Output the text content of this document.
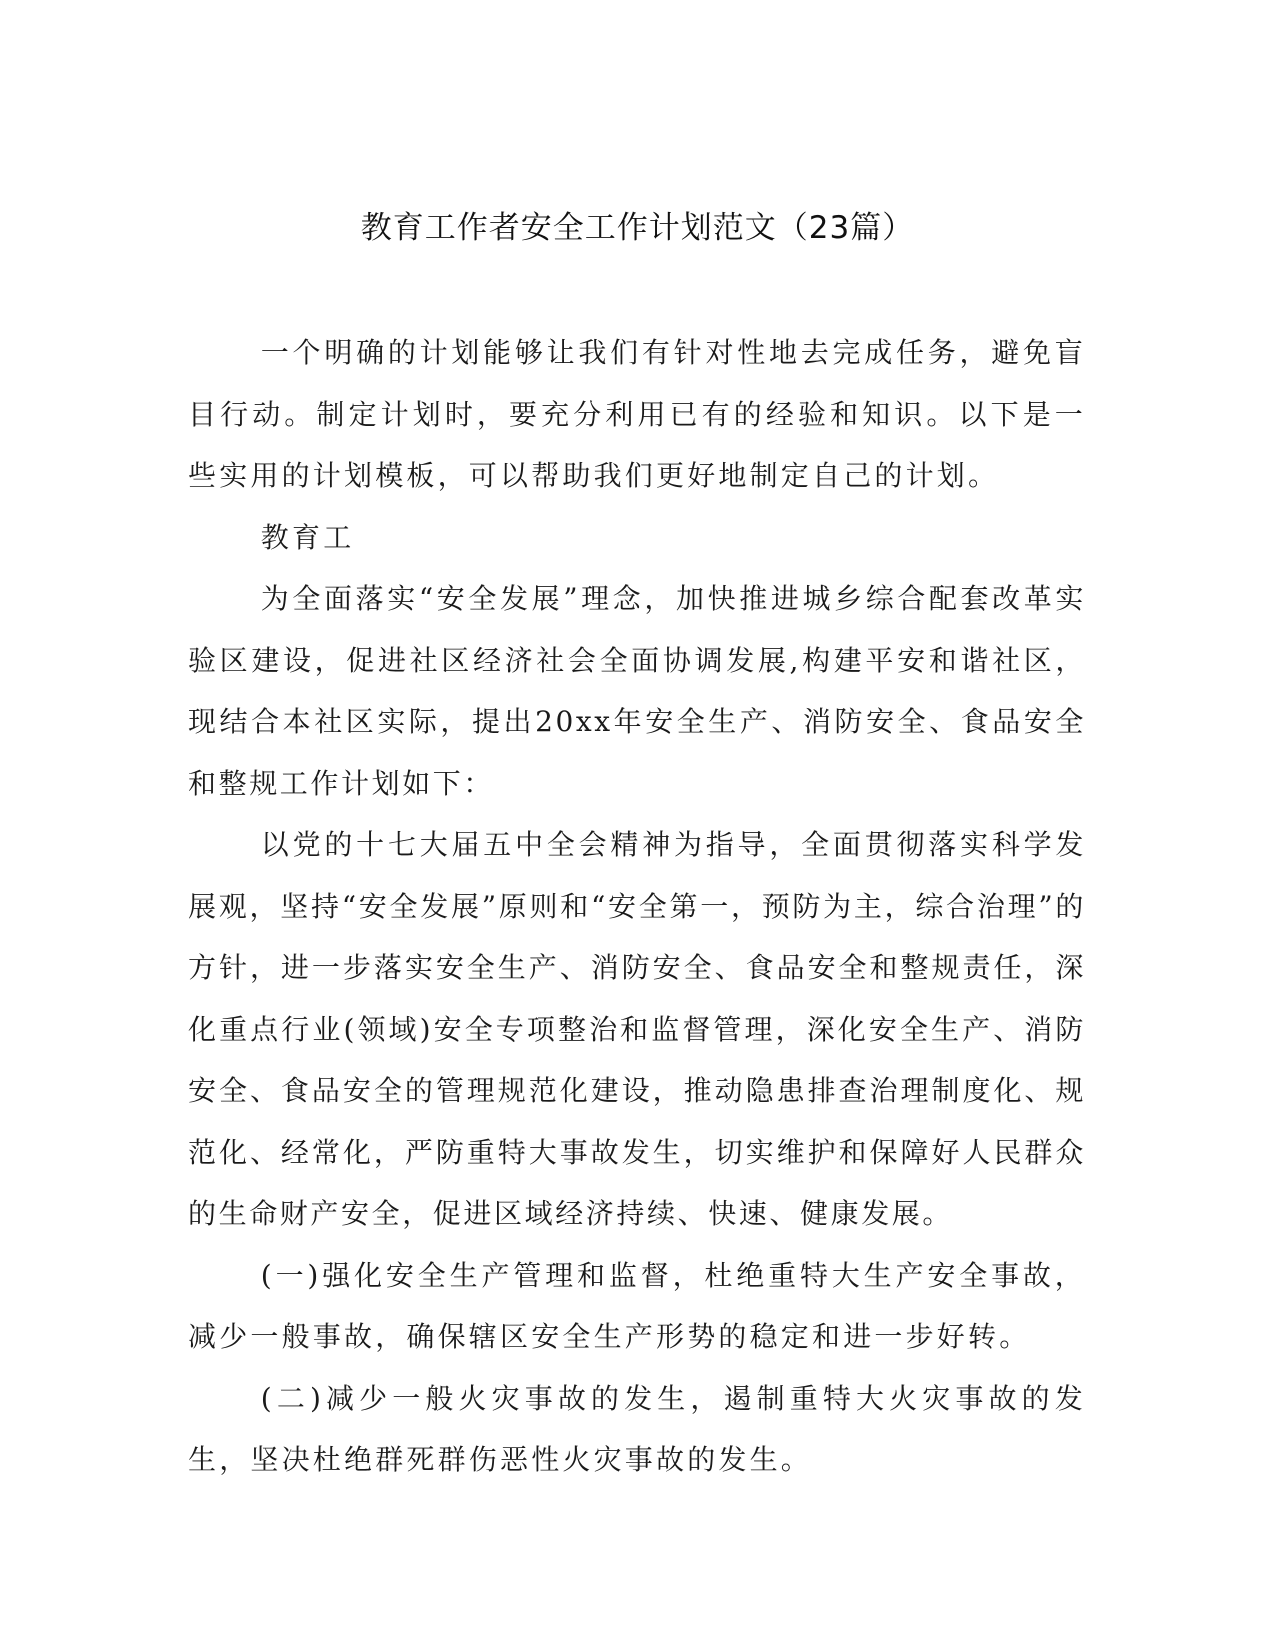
教育工作者安全工作计划范文（23篇）

一个明确的计划能够让我们有针对性地去完成任务，避免盲目行动。制定计划时，要充分利用已有的经验和知识。以下是一些实用的计划模板，可以帮助我们更好地制定自己的计划。

教育工

为全面落实“安全发展”理念，加快推进城乡综合配套改革实验区建设，促进社区经济社会全面协调发展,构建平安和谐社区，现结合本社区实际，提出20xx年安全生产、消防安全、食品安全和整规工作计划如下：

以党的十七大届五中全会精神为指导，全面贯彻落实科学发展观，坚持“安全发展”原则和“安全第一，预防为主，综合治理”的方针，进一步落实安全生产、消防安全、食品安全和整规责任，深化重点行业(领域)安全专项整治和监督管理，深化安全生产、消防安全、食品安全的管理规范化建设，推动隐患排查治理制度化、规范化、经常化，严防重特大事故发生，切实维护和保障好人民群众的生命财产安全，促进区域经济持续、快速、健康发展。

(一)强化安全生产管理和监督，杜绝重特大生产安全事故，减少一般事故，确保辖区安全生产形势的稳定和进一步好转。

(二)减少一般火灾事故的发生，遏制重特大火灾事故的发生，坚决杜绝群死群伤恶性火灾事故的发生。
